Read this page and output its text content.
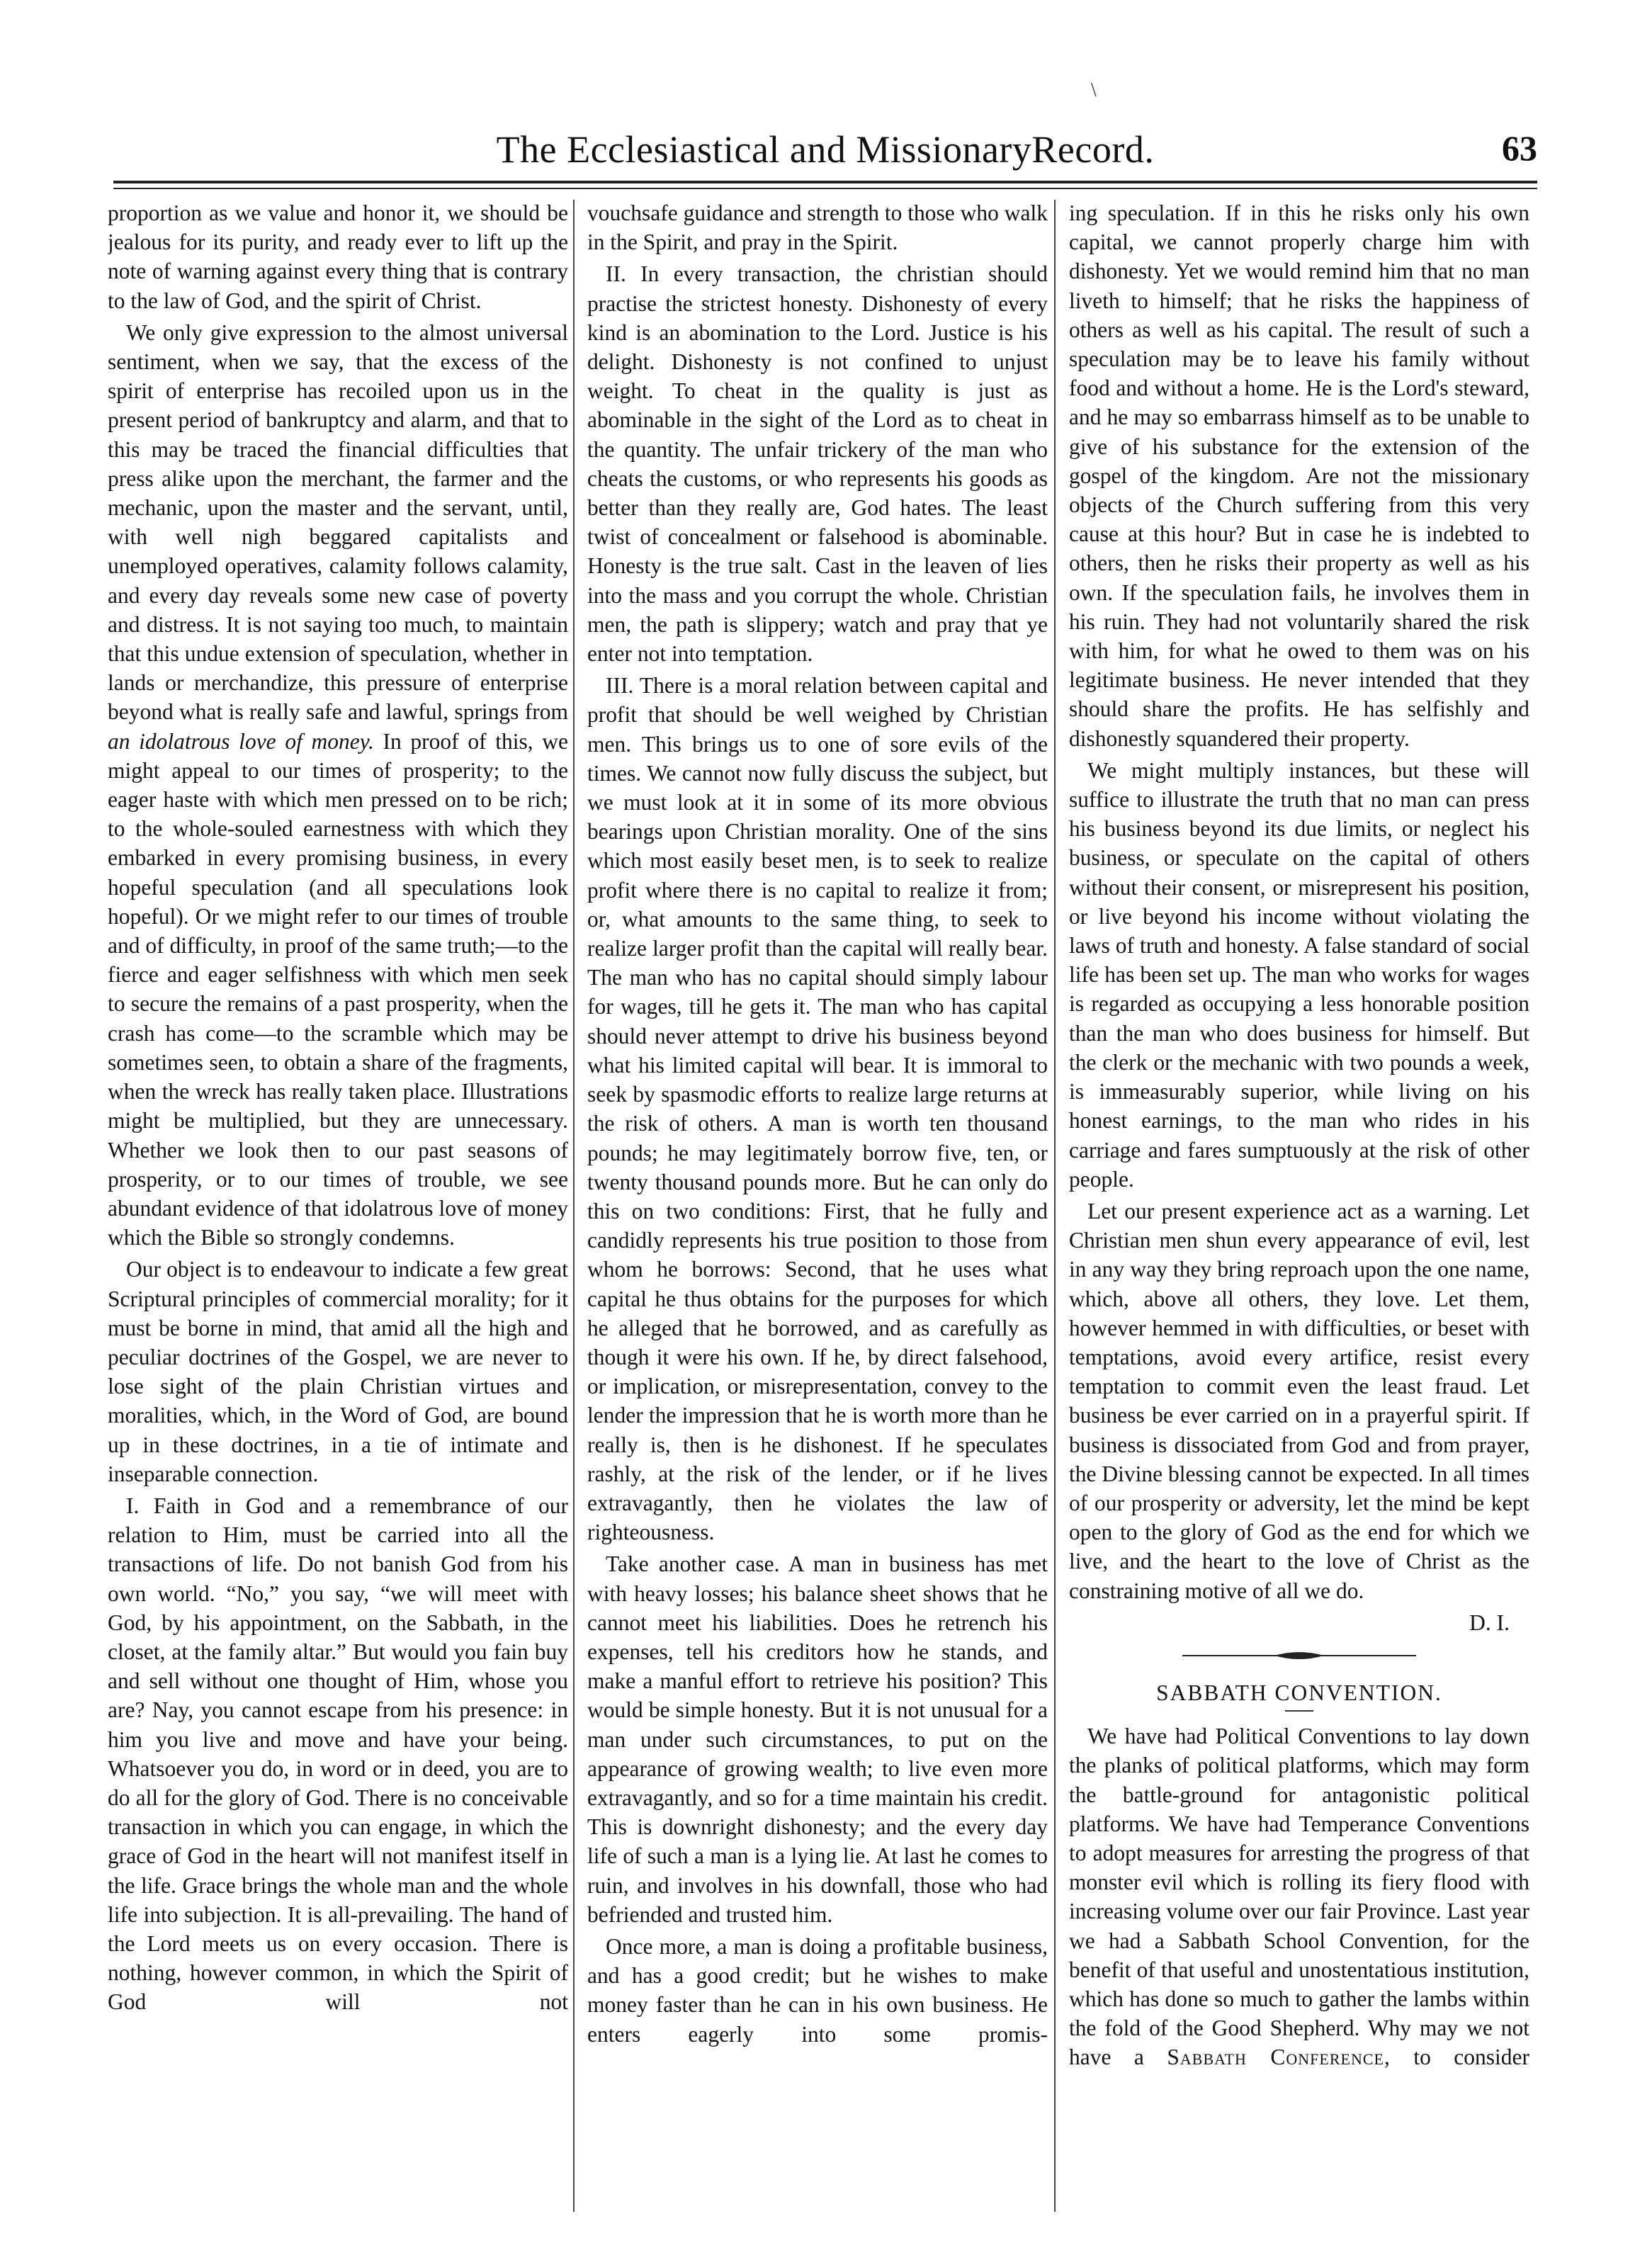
\
The Ecclesiastical and MissionaryRecord.	63

proportion as we value and honor it, we should be jealous for its purity, and ready ever to lift up the note of warning against every thing that is contrary to the law of God, and the spirit of Christ.

We only give expression to the almost universal sentiment, when we say, that the excess of the spirit of enterprise has recoiled upon us in the present period of bankruptcy and alarm, and that to this may be traced the financial difficulties that press alike upon the merchant, the farmer and the mechanic, upon the master and the servant, until, with well nigh beggared capitalists and unemployed operatives, calamity follows calamity, and every day reveals some new case of poverty and distress. It is not saying too much, to maintain that this undue extension of speculation, whether in lands or merchandize, this pressure of enterprise beyond what is really safe and lawful, springs from an idolatrous love of money. In proof of this, we might appeal to our times of prosperity; to the eager haste with which men pressed on to be rich; to the whole-souled earnestness with which they embarked in every promising business, in every hopeful speculation (and all speculations look hopeful). Or we might refer to our times of trouble and of difficulty, in proof of the same truth;—to the fierce and eager selfishness with which men seek to secure the remains of a past prosperity, when the crash has come—to the scramble which may be sometimes seen, to obtain a share of the fragments, when the wreck has really taken place. Illustrations might be multiplied, but they are unnecessary. Whether we look then to our past seasons of prosperity, or to our times of trouble, we see abundant evidence of that idolatrous love of money which the Bible so strongly condemns.

Our object is to endeavour to indicate a few great Scriptural principles of commercial morality; for it must be borne in mind, that amid all the high and peculiar doctrines of the Gospel, we are never to lose sight of the plain Christian virtues and moralities, which, in the Word of God, are bound up in these doctrines, in a tie of intimate and inseparable connection.

I. Faith in God and a remembrance of our relation to Him, must be carried into all the transactions of life. Do not banish God from his own world. “No,” you say, “we will meet with God, by his appointment, on the Sabbath, in the closet, at the family altar.” But would you fain buy and sell without one thought of Him, whose you are? Nay, you cannot escape from his presence: in him you live and move and have your being. Whatsoever you do, in word or in deed, you are to do all for the glory of God. There is no conceivable transaction in which you can engage, in which the grace of God in the heart will not manifest itself in the life. Grace brings the whole man and the whole life into subjection. It is all-prevailing. The hand of the Lord meets us on every occasion. There is nothing, however common, in which the Spirit of God will not

vouchsafe guidance and strength to those who walk in the Spirit, and pray in the Spirit.

II. In every transaction, the christian should practise the strictest honesty. Dishonesty of every kind is an abomination to the Lord. Justice is his delight. Dishonesty is not confined to unjust weight. To cheat in the quality is just as abominable in the sight of the Lord as to cheat in the quantity. The unfair trickery of the man who cheats the customs, or who represents his goods as better than they really are, God hates. The least twist of concealment or falsehood is abominable. Honesty is the true salt. Cast in the leaven of lies into the mass and you corrupt the whole. Christian men, the path is slippery; watch and pray that ye enter not into temptation.

III. There is a moral relation between capital and profit that should be well weighed by Christian men. This brings us to one of sore evils of the times. We cannot now fully discuss the subject, but we must look at it in some of its more obvious bearings upon Christian morality. One of the sins which most easily beset men, is to seek to realize profit where there is no capital to realize it from; or, what amounts to the same thing, to seek to realize larger profit than the capital will really bear. The man who has no capital should simply labour for wages, till he gets it. The man who has capital should never attempt to drive his business beyond what his limited capital will bear. It is immoral to seek by spasmodic efforts to realize large returns at the risk of others. A man is worth ten thousand pounds; he may legitimately borrow five, ten, or twenty thousand pounds more. But he can only do this on two conditions: First, that he fully and candidly represents his true position to those from whom he borrows: Second, that he uses what capital he thus obtains for the purposes for which he alleged that he borrowed, and as carefully as though it were his own. If he, by direct falsehood, or implication, or misrepresentation, convey to the lender the impression that he is worth more than he really is, then is he dishonest. If he speculates rashly, at the risk of the lender, or if he lives extravagantly, then he violates the law of righteousness.

Take another case. A man in business has met with heavy losses; his balance sheet shows that he cannot meet his liabilities. Does he retrench his expenses, tell his creditors how he stands, and make a manful effort to retrieve his position? This would be simple honesty. But it is not unusual for a man under such circumstances, to put on the appearance of growing wealth; to live even more extravagantly, and so for a time maintain his credit. This is downright dishonesty; and the every day life of such a man is a lying lie. At last he comes to ruin, and involves in his downfall, those who had befriended and trusted him.

Once more, a man is doing a profitable business, and has a good credit; but he wishes to make money faster than he can in his own business. He enters eagerly into some promis-

ing speculation. If in this he risks only his own capital, we cannot properly charge him with dishonesty. Yet we would remind him that no man liveth to himself; that he risks the happiness of others as well as his capital. The result of such a speculation may be to leave his family without food and without a home. He is the Lord's steward, and he may so embarrass himself as to be unable to give of his substance for the extension of the gospel of the kingdom. Are not the missionary objects of the Church suffering from this very cause at this hour? But in case he is indebted to others, then he risks their property as well as his own. If the speculation fails, he involves them in his ruin. They had not voluntarily shared the risk with him, for what he owed to them was on his legitimate business. He never intended that they should share the profits. He has selfishly and dishonestly squandered their property.

We might multiply instances, but these will suffice to illustrate the truth that no man can press his business beyond its due limits, or neglect his business, or speculate on the capital of others without their consent, or misrepresent his position, or live beyond his income without violating the laws of truth and honesty. A false standard of social life has been set up. The man who works for wages is regarded as occupying a less honorable position than the man who does business for himself. But the clerk or the mechanic with two pounds a week, is immeasurably superior, while living on his honest earnings, to the man who rides in his carriage and fares sumptuously at the risk of other people.

Let our present experience act as a warning. Let Christian men shun every appearance of evil, lest in any way they bring reproach upon the one name, which, above all others, they love. Let them, however hemmed in with difficulties, or beset with temptations, avoid every artifice, resist every temptation to commit even the least fraud. Let business be ever carried on in a prayerful spirit. If business is dissociated from God and from prayer, the Divine blessing cannot be expected. In all times of our prosperity or adversity, let the mind be kept open to the glory of God as the end for which we live, and the heart to the love of Christ as the constraining motive of all we do.

D. I.
SABBATH CONVENTION.

We have had Political Conventions to lay down the planks of political platforms, which may form the battle-ground for antagonistic political platforms. We have had Temperance Conventions to adopt measures for arresting the progress of that monster evil which is rolling its fiery flood with increasing volume over our fair Province. Last year we had a Sabbath School Convention, for the benefit of that useful and unostentatious institution, which has done so much to gather the lambs within the fold of the Good Shepherd. Why may we not have a Sabbath Conference, to consider
